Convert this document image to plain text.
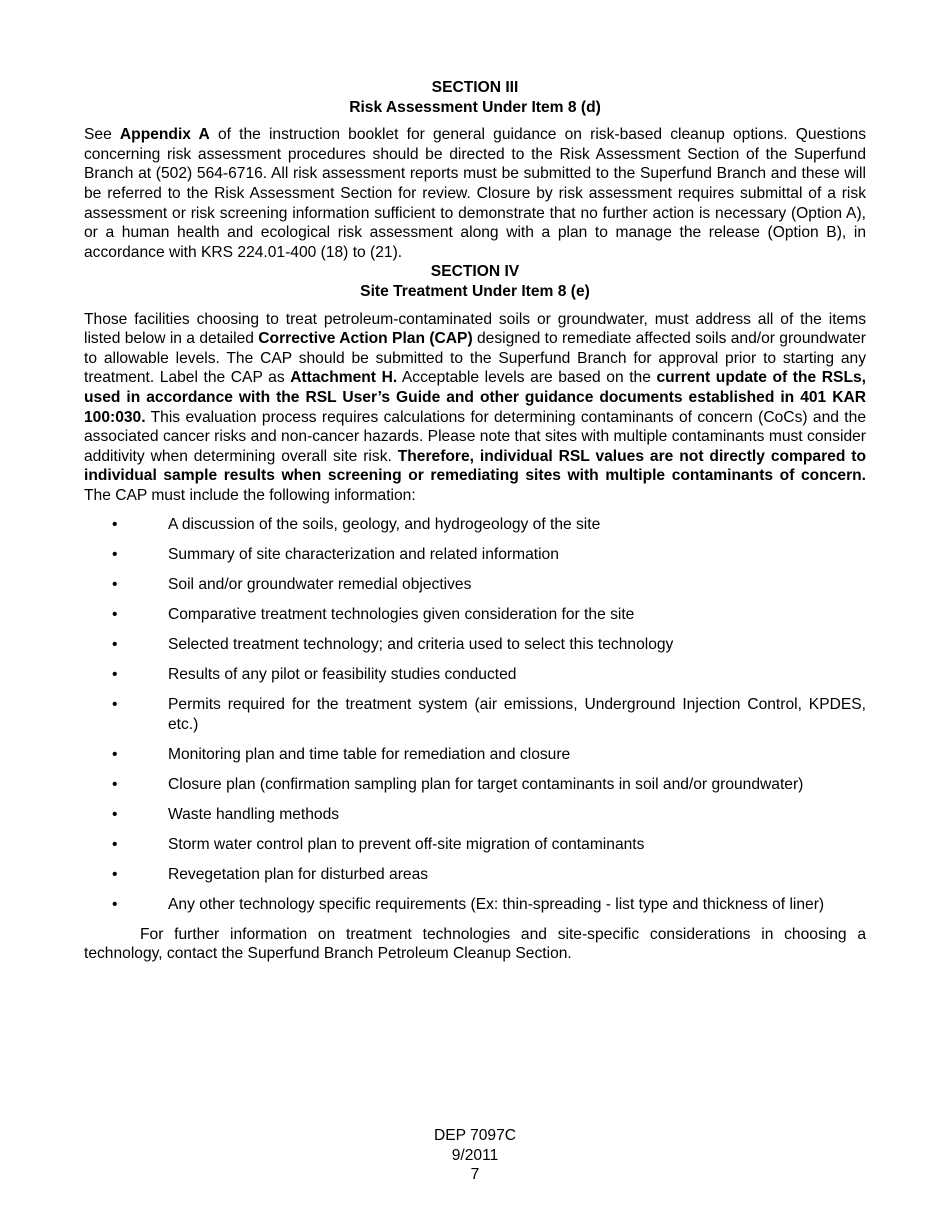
SECTION III
Risk Assessment Under Item 8 (d)

See Appendix A of the instruction booklet for general guidance on risk-based cleanup options. Questions concerning risk assessment procedures should be directed to the Risk Assessment Section of the Superfund Branch at (502) 564-6716. All risk assessment reports must be submitted to the Superfund Branch and these will be referred to the Risk Assessment Section for review. Closure by risk assessment requires submittal of a risk assessment or risk screening information sufficient to demonstrate that no further action is necessary (Option A), or a human health and ecological risk assessment along with a plan to manage the release (Option B), in accordance with KRS 224.01-400 (18) to (21).

SECTION IV
Site Treatment Under Item 8 (e)

Those facilities choosing to treat petroleum-contaminated soils or groundwater, must address all of the items listed below in a detailed Corrective Action Plan (CAP) designed to remediate affected soils and/or groundwater to allowable levels. The CAP should be submitted to the Superfund Branch for approval prior to starting any treatment. Label the CAP as Attachment H. Acceptable levels are based on the current update of the RSLs, used in accordance with the RSL User’s Guide and other guidance documents established in 401 KAR 100:030. This evaluation process requires calculations for determining contaminants of concern (CoCs) and the associated cancer risks and non-cancer hazards. Please note that sites with multiple contaminants must consider additivity when determining overall site risk. Therefore, individual RSL values are not directly compared to individual sample results when screening or remediating sites with multiple contaminants of concern. The CAP must include the following information:

•	A discussion of the soils, geology, and hydrogeology of the site
•	Summary of site characterization and related information
•	Soil and/or groundwater remedial objectives
•	Comparative treatment technologies given consideration for the site
•	Selected treatment technology; and criteria used to select this technology
•	Results of any pilot or feasibility studies conducted
•	Permits required for the treatment system (air emissions, Underground Injection Control, KPDES, etc.)
•	Monitoring plan and time table for remediation and closure
•	Closure plan (confirmation sampling plan for target contaminants in soil and/or groundwater)
•	Waste handling methods
•	Storm water control plan to prevent off-site migration of contaminants
•	Revegetation plan for disturbed areas
•	Any other technology specific requirements (Ex: thin-spreading - list type and thickness of liner)

For further information on treatment technologies and site-specific considerations in choosing a technology, contact the Superfund Branch Petroleum Cleanup Section.

DEP 7097C
9/2011
7
